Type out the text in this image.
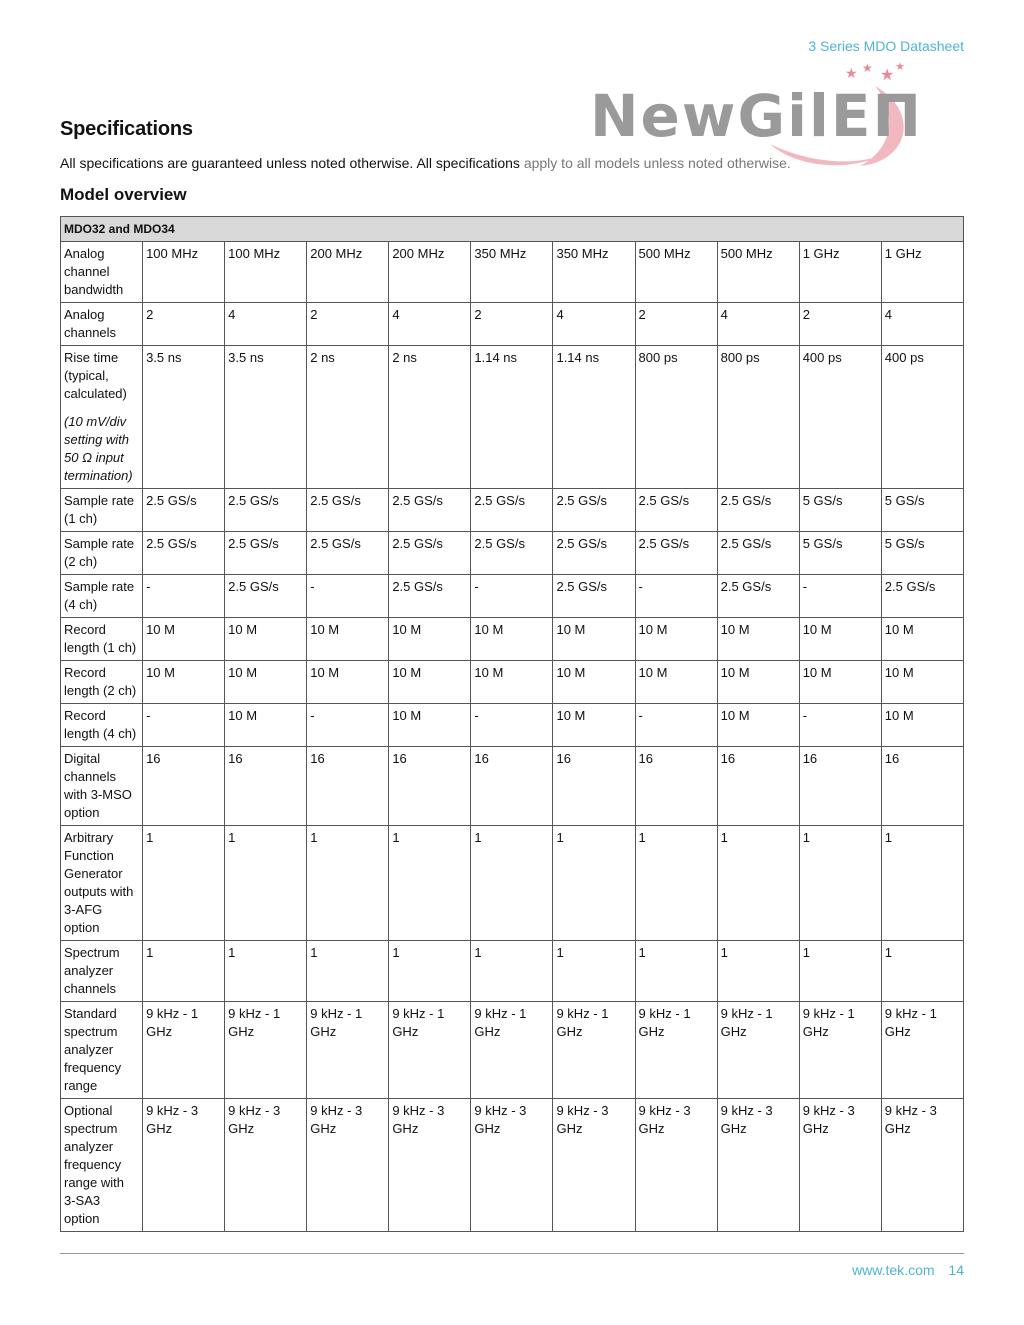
3 Series MDO Datasheet
★ ★ ★ ★
NewGilEП
Specifications
All specifications are guaranteed unless noted otherwise. All specifications apply to all models unless noted otherwise.
Model overview
MDO32 and MDO34										
Analog channel bandwidth	100 MHz	100 MHz	200 MHz	200 MHz	350 MHz	350 MHz	500 MHz	500 MHz	1 GHz	1 GHz
Analog channels	2	4	2	4	2	4	2	4	2	4
Rise time (typical, calculated)
(10 mV/div setting with 50 Ω input termination)	3.5 ns	3.5 ns	2 ns	2 ns	1.14 ns	1.14 ns	800 ps	800 ps	400 ps	400 ps
Sample rate (1 ch)	2.5 GS/s	2.5 GS/s	2.5 GS/s	2.5 GS/s	2.5 GS/s	2.5 GS/s	2.5 GS/s	2.5 GS/s	5 GS/s	5 GS/s
Sample rate (2 ch)	2.5 GS/s	2.5 GS/s	2.5 GS/s	2.5 GS/s	2.5 GS/s	2.5 GS/s	2.5 GS/s	2.5 GS/s	5 GS/s	5 GS/s
Sample rate (4 ch)	-	2.5 GS/s	-	2.5 GS/s	-	2.5 GS/s	-	2.5 GS/s	-	2.5 GS/s
Record length (1 ch)	10 M	10 M	10 M	10 M	10 M	10 M	10 M	10 M	10 M	10 M
Record length (2 ch)	10 M	10 M	10 M	10 M	10 M	10 M	10 M	10 M	10 M	10 M
Record length (4 ch)	-	10 M	-	10 M	-	10 M	-	10 M	-	10 M
Digital channels with 3-MSO option	16	16	16	16	16	16	16	16	16	16
Arbitrary Function Generator outputs with 3-AFG option	1	1	1	1	1	1	1	1	1	1
Spectrum analyzer channels	1	1	1	1	1	1	1	1	1	1
Standard spectrum analyzer frequency range	9 kHz - 1 GHz	9 kHz - 1 GHz	9 kHz - 1 GHz	9 kHz - 1 GHz	9 kHz - 1 GHz	9 kHz - 1 GHz	9 kHz - 1 GHz	9 kHz - 1 GHz	9 kHz - 1 GHz	9 kHz - 1 GHz
Optional spectrum analyzer frequency range with 3-SA3 option	9 kHz - 3 GHz	9 kHz - 3 GHz	9 kHz - 3 GHz	9 kHz - 3 GHz	9 kHz - 3 GHz	9 kHz - 3 GHz	9 kHz - 3 GHz	9 kHz - 3 GHz	9 kHz - 3 GHz	9 kHz - 3 GHz
www.tek.com 14
